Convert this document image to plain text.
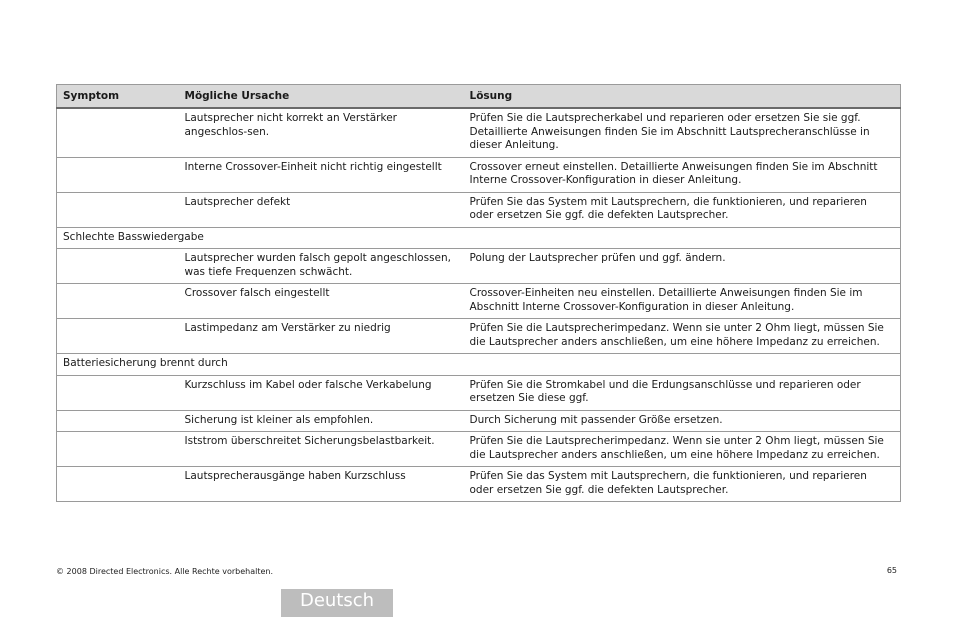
Symptom	Mögliche Ursache	Lösung
	Lautsprecher nicht korrekt an Verstärker angeschlos-sen.	Prüfen Sie die Lautsprecherkabel und reparieren oder ersetzen Sie sie ggf. Detaillierte Anweisungen finden Sie im Abschnitt Lautsprecheranschlüsse in dieser Anleitung.
	Interne Crossover-Einheit nicht richtig eingestellt	Crossover erneut einstellen. Detaillierte Anweisungen finden Sie im Abschnitt Interne Crossover-Konfiguration in dieser Anleitung.
	Lautsprecher defekt	Prüfen Sie das System mit Lautsprechern, die funktionieren, und reparieren oder ersetzen Sie ggf. die defekten Lautsprecher.
Schlechte Basswiedergabe		
	Lautsprecher wurden falsch gepolt angeschlossen, was tiefe Frequenzen schwächt.	Polung der Lautsprecher prüfen und ggf. ändern.
	Crossover falsch eingestellt	Crossover-Einheiten neu einstellen. Detaillierte Anweisungen finden Sie im Abschnitt Interne Crossover-Konfiguration in dieser Anleitung.
	Lastimpedanz am Verstärker zu niedrig	Prüfen Sie die Lautsprecherimpedanz. Wenn sie unter 2 Ohm liegt, müssen Sie die Lautsprecher anders anschließen, um eine höhere Impedanz zu erreichen.
Batteriesicherung brennt durch		
	Kurzschluss im Kabel oder falsche Verkabelung	Prüfen Sie die Stromkabel und die Erdungsanschlüsse und reparieren oder ersetzen Sie diese ggf.
	Sicherung ist kleiner als empfohlen.	Durch Sicherung mit passender Größe ersetzen.
	Iststrom überschreitet Sicherungsbelastbarkeit.	Prüfen Sie die Lautsprecherimpedanz. Wenn sie unter 2 Ohm liegt, müssen Sie die Lautsprecher anders anschließen, um eine höhere Impedanz zu erreichen.
	Lautsprecherausgänge haben Kurzschluss	Prüfen Sie das System mit Lautsprechern, die funktionieren, und reparieren oder ersetzen Sie ggf. die defekten Lautsprecher.
© 2008 Directed Electronics. Alle Rechte vorbehalten.	65
Deutsch
